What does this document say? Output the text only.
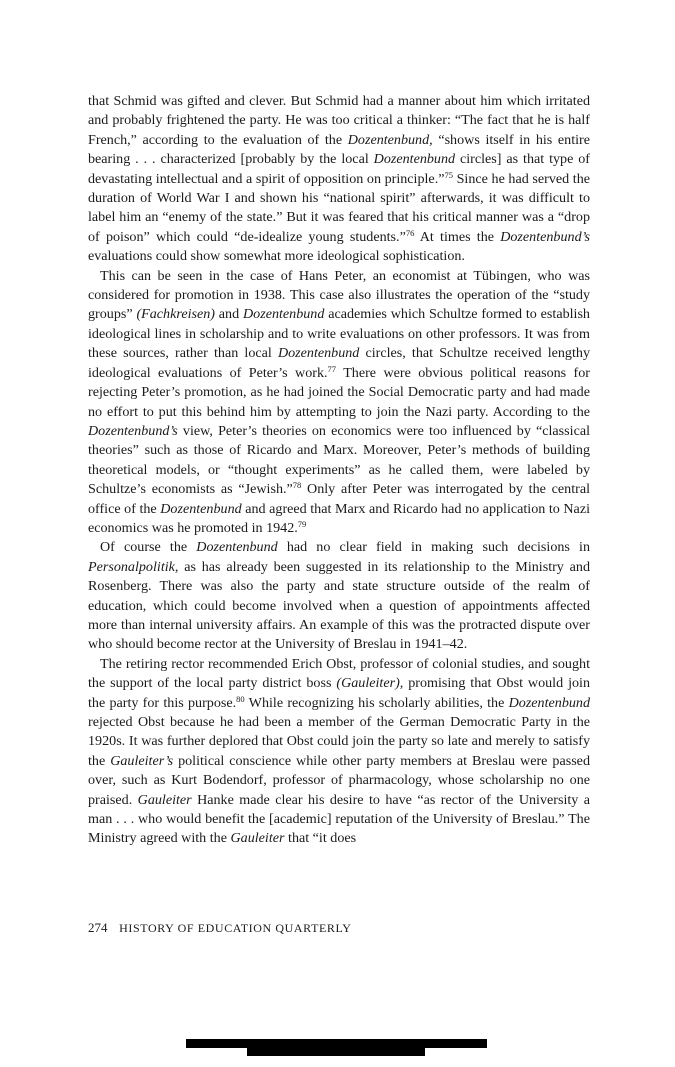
that Schmid was gifted and clever. But Schmid had a manner about him which irritated and probably frightened the party. He was too critical a thinker: “The fact that he is half French,” according to the evaluation of the Dozentenbund, “shows itself in his entire bearing . . . characterized [probably by the local Dozentenbund circles] as that type of devastating intellectual and a spirit of opposition on principle.”$^{75}$ Since he had served the duration of World War I and shown his “national spirit” afterwards, it was difficult to label him an “enemy of the state.” But it was feared that his critical manner was a “drop of poison” which could “de-idealize young students.”$^{76}$ At times the Dozentenbund’s evaluations could show somewhat more ideological sophistication.

This can be seen in the case of Hans Peter, an economist at Tübingen, who was considered for promotion in 1938. This case also illustrates the operation of the “study groups” (Fachkreisen) and Dozentenbund academies which Schultze formed to establish ideological lines in scholarship and to write evaluations on other professors. It was from these sources, rather than local Dozentenbund circles, that Schultze received lengthy ideological evaluations of Peter’s work.$^{77}$ There were obvious political reasons for rejecting Peter’s promotion, as he had joined the Social Democratic party and had made no effort to put this behind him by attempting to join the Nazi party. According to the Dozentenbund’s view, Peter’s theories on economics were too influenced by “classical theories” such as those of Ricardo and Marx. Moreover, Peter’s methods of building theoretical models, or “thought experiments” as he called them, were labeled by Schultze’s economists as “Jewish.”$^{78}$ Only after Peter was interrogated by the central office of the Dozentenbund and agreed that Marx and Ricardo had no application to Nazi economics was he promoted in 1942.79

Of course the Dozentenbund had no clear field in making such decisions in Personalpolitik, as has already been suggested in its relationship to the Ministry and Rosenberg. There was also the party and state structure outside of the realm of education, which could become involved when a question of appointments affected more than internal university affairs. An example of this was the protracted dispute over who should become rector at the University of Breslau in 1941–42.

The retiring rector recommended Erich Obst, professor of colonial studies, and sought the support of the local party district boss (Gauleiter), promising that Obst would join the party for this purpose.$^{80}$ While recognizing his scholarly abilities, the Dozentenbund rejected Obst because he had been a member of the German Democratic Party in the 1920s. It was further deplored that Obst could join the party so late and merely to satisfy the Gauleiter’s political conscience while other party members at Breslau were passed over, such as Kurt Bodendorf, professor of pharmacology, whose scholarship no one praised. Gauleiter Hanke made clear his desire to have “as rector of the University a man . . . who would benefit the [academic] reputation of the University of Breslau.” The Ministry agreed with the Gauleiter that “it does

274 HISTORY OF EDUCATION QUARTERLY
